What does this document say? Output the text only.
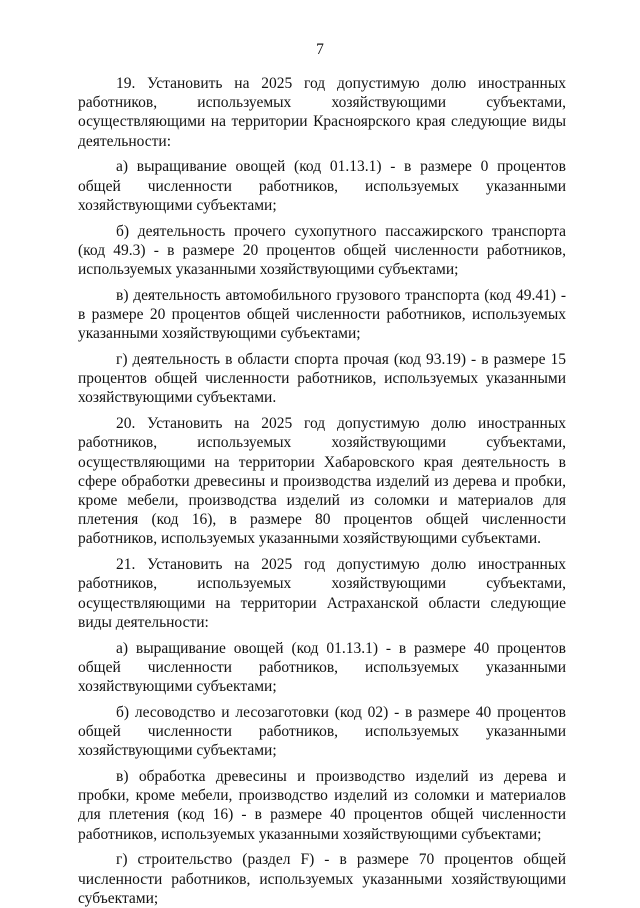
7

19. Установить на 2025 год допустимую долю иностранных работников, используемых хозяйствующими субъектами, осуществляющими на территории Красноярского края следующие виды деятельности:

а) выращивание овощей (код 01.13.1) - в размере 0 процентов общей численности работников, используемых указанными хозяйствующими субъектами;

б) деятельность прочего сухопутного пассажирского транспорта (код 49.3) - в размере 20 процентов общей численности работников, используемых указанными хозяйствующими субъектами;

в) деятельность автомобильного грузового транспорта (код 49.41) - в размере 20 процентов общей численности работников, используемых указанными хозяйствующими субъектами;

г) деятельность в области спорта прочая (код 93.19) - в размере 15 процентов общей численности работников, используемых указанными хозяйствующими субъектами.

20. Установить на 2025 год допустимую долю иностранных работников, используемых хозяйствующими субъектами, осуществляющими на территории Хабаровского края деятельность в сфере обработки древесины и производства изделий из дерева и пробки, кроме мебели, производства изделий из соломки и материалов для плетения (код 16), в размере 80 процентов общей численности работников, используемых указанными хозяйствующими субъектами.

21. Установить на 2025 год допустимую долю иностранных работников, используемых хозяйствующими субъектами, осуществляющими на территории Астраханской области следующие виды деятельности:

а) выращивание овощей (код 01.13.1) - в размере 40 процентов общей численности работников, используемых указанными хозяйствующими субъектами;

б) лесоводство и лесозаготовки (код 02) - в размере 40 процентов общей численности работников, используемых указанными хозяйствующими субъектами;

в) обработка древесины и производство изделий из дерева и пробки, кроме мебели, производство изделий из соломки и материалов для плетения (код 16) - в размере 40 процентов общей численности работников, используемых указанными хозяйствующими субъектами;

г) строительство (раздел F) - в размере 70 процентов общей численности работников, используемых указанными хозяйствующими субъектами;
